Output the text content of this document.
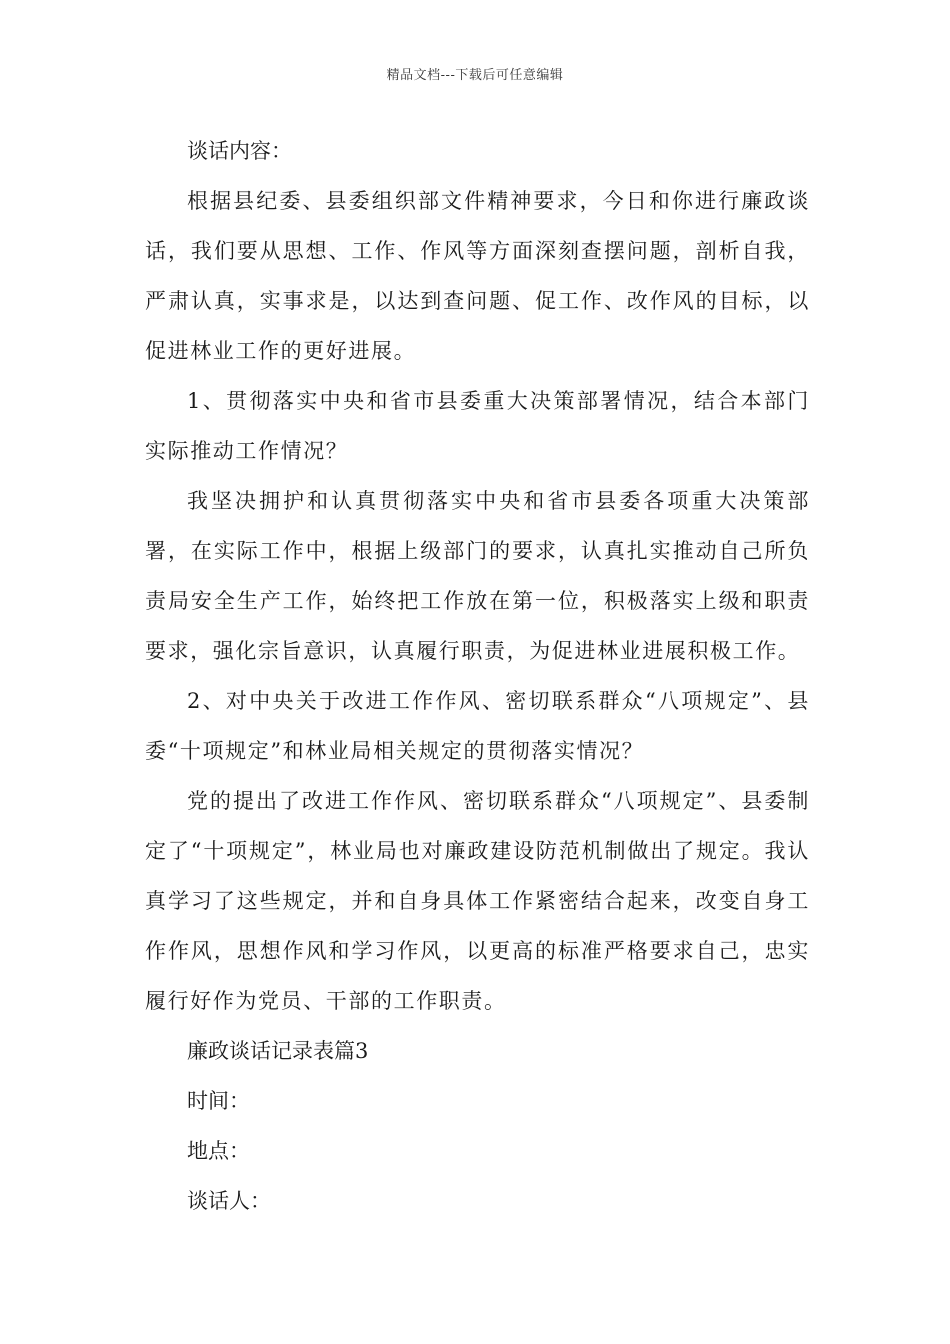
精品文档---下载后可任意编辑

谈话内容：

根据县纪委、县委组织部文件精神要求，今日和你进行廉政谈话，我们要从思想、工作、作风等方面深刻查摆问题，剖析自我，严肃认真，实事求是，以达到查问题、促工作、改作风的目标，以促进林业工作的更好进展。

1、贯彻落实中央和省市县委重大决策部署情况，结合本部门实际推动工作情况？

我坚决拥护和认真贯彻落实中央和省市县委各项重大决策部署，在实际工作中，根据上级部门的要求，认真扎实推动自己所负责局安全生产工作，始终把工作放在第一位，积极落实上级和职责要求，强化宗旨意识，认真履行职责，为促进林业进展积极工作。

2、对中央关于改进工作作风、密切联系群众“八项规定”、县委“十项规定”和林业局相关规定的贯彻落实情况？

党的提出了改进工作作风、密切联系群众“八项规定”、县委制定了“十项规定”，林业局也对廉政建设防范机制做出了规定。我认真学习了这些规定，并和自身具体工作紧密结合起来，改变自身工作作风，思想作风和学习作风，以更高的标准严格要求自己，忠实履行好作为党员、干部的工作职责。

廉政谈话记录表篇3

时间：

地点：

谈话人：
